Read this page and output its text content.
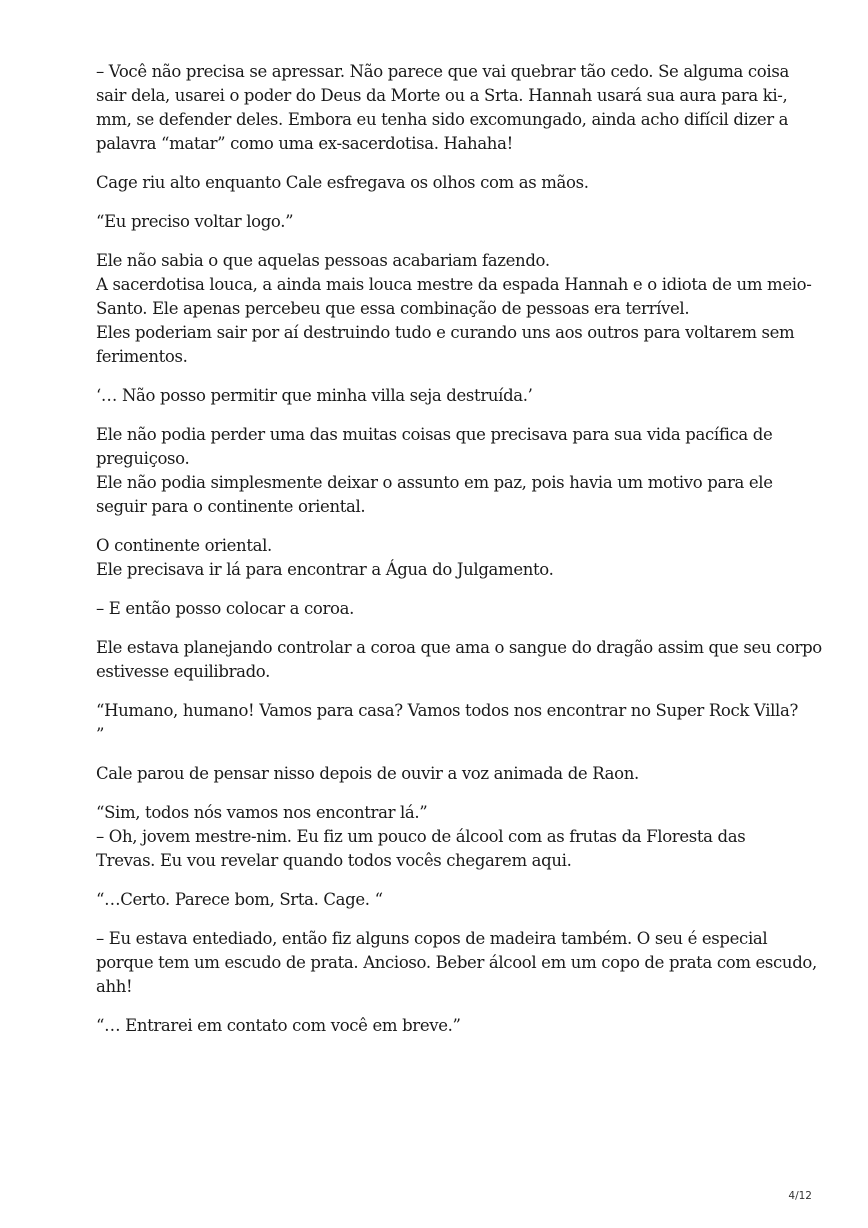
– Você não precisa se apressar. Não parece que vai quebrar tão cedo. Se alguma coisa
sair dela, usarei o poder do Deus da Morte ou a Srta. Hannah usará sua aura para ki-,
mm, se defender deles. Embora eu tenha sido excomungado, ainda acho difícil dizer a
palavra “matar” como uma ex-sacerdotisa. Hahaha!

Cage riu alto enquanto Cale esfregava os olhos com as mãos.

“Eu preciso voltar logo.”

Ele não sabia o que aquelas pessoas acabariam fazendo.
A sacerdotisa louca, a ainda mais louca mestre da espada Hannah e o idiota de um meio-
Santo. Ele apenas percebeu que essa combinação de pessoas era terrível.
Eles poderiam sair por aí destruindo tudo e curando uns aos outros para voltarem sem
ferimentos.

‘… Não posso permitir que minha villa seja destruída.’

Ele não podia perder uma das muitas coisas que precisava para sua vida pacífica de
preguiçoso.
Ele não podia simplesmente deixar o assunto em paz, pois havia um motivo para ele
seguir para o continente oriental.

O continente oriental.
Ele precisava ir lá para encontrar a Água do Julgamento.

– E então posso colocar a coroa.

Ele estava planejando controlar a coroa que ama o sangue do dragão assim que seu corpo
estivesse equilibrado.

“Humano, humano! Vamos para casa? Vamos todos nos encontrar no Super Rock Villa?
”

Cale parou de pensar nisso depois de ouvir a voz animada de Raon.

“Sim, todos nós vamos nos encontrar lá.”
– Oh, jovem mestre-nim. Eu fiz um pouco de álcool com as frutas da Floresta das
Trevas. Eu vou revelar quando todos vocês chegarem aqui.

“…Certo. Parece bom, Srta. Cage. “

– Eu estava entediado, então fiz alguns copos de madeira também. O seu é especial
porque tem um escudo de prata. Ancioso. Beber álcool em um copo de prata com escudo,
ahh!

“… Entrarei em contato com você em breve.”

4/12
